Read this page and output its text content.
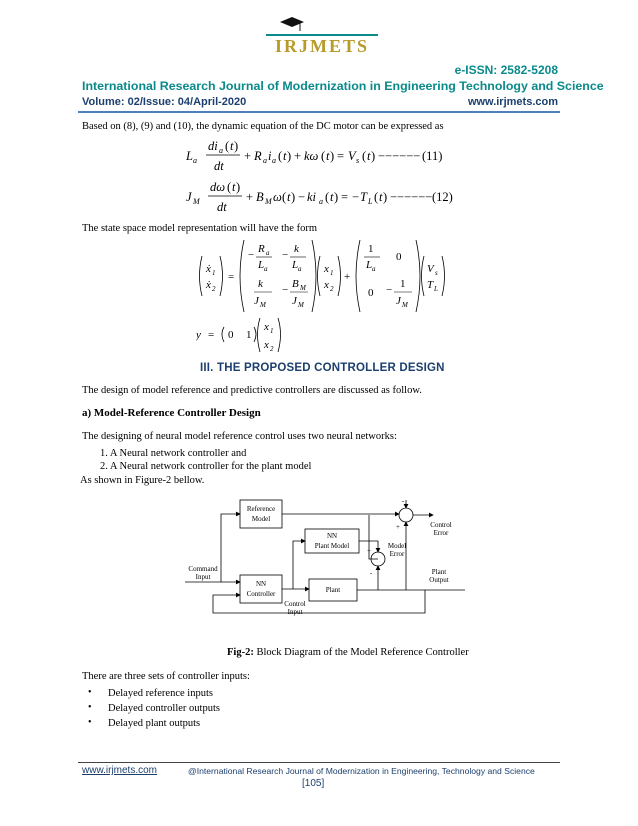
IRJMETS
e-ISSN: 2582-5208
International Research Journal of Modernization in Engineering Technology and Science
Volume: 02/Issue: 04/April-2020	www.irjmets.com
Based on (8), (9) and (10), the dynamic equation of the DC motor can be expressed as
L a
di a ( t )
dt
+ R a i a ( t ) + kω ( t ) = V s ( t ) −−−−−− (11)
J M
dω ( t )
dt
+ B M ω ( t ) − ki a ( t ) = − T L ( t ) −−−−−− (12)
The state space model representation will have the form
ẋ 1
ẋ 2
=
− R a
L a
− k
L a
k
J M
− B M
J M
x 1
x 2
+
1
L a
0
0 − 1
J M
V s
T L
y = 0 1
x 1
x 2
III. THE PROPOSED CONTROLLER DESIGN
The design of model reference and predictive controllers are discussed as follow.
a) Model-Reference Controller Design
The designing of neural model reference control uses two neural networks:
1. A Neural network controller and
2. A Neural network controller for the plant model
As shown in Figure-2 bellow.
Reference
Model
NN
Plant Model
NN
Controller	Plant
Command
Input
Control
Input
Model
Error
Control
Error
Plant
Output
+
+
-
-
Fig-2: Block Diagram of the Model Reference Controller
There are three sets of controller inputs:
• Delayed reference inputs
• Delayed controller outputs
• Delayed plant outputs
www.irjmets.com	@International Research Journal of Modernization in Engineering, Technology and Science
[105]
